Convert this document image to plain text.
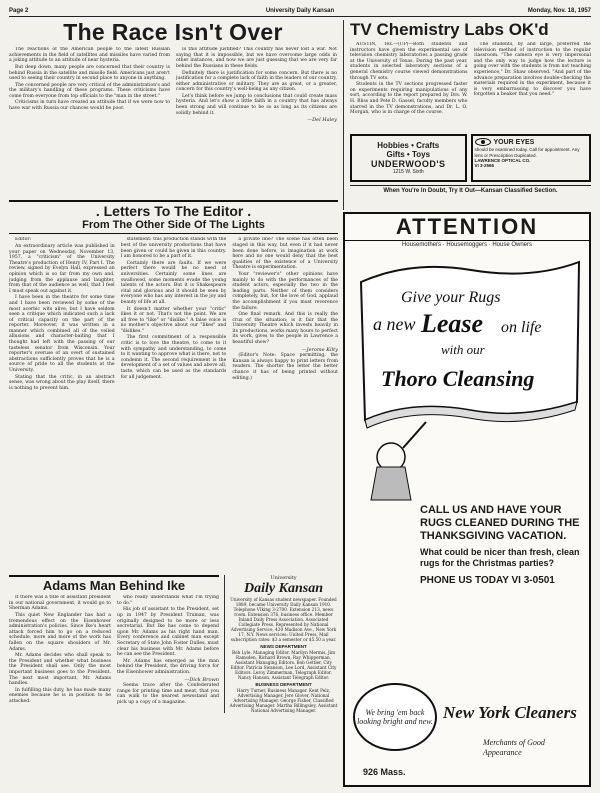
Page 2	University Daily Kansan	Monday, Nov. 18, 1957
The Race Isn't Over

The reactions of the American people to the latest Russian achievements in the field of satellites and missiles have varied from a joking attitude to an attitude of near hysteria.

But deep down, many people are concerned that their country is behind Russia in the satellite and missile field. Americans just aren't used to seeing their country in second place to anyone in anything.

The concerned people are very critical of the administration's and the military's handling of these programs. These criticisms have come from everyone from top officials to the "man in the street."

Criticisms in turn have created an attitude that if we were now to have war with Russia our chances would be poor.

Is this attitude justified? This country has never lost a war. Not saying that it is impossible, but we have overcome large odds in other instances, and now we are just guessing that we are very far behind the Russians in these fields.

Definitely there is justification for some concern. But there is no justification for a complete lack of faith in the leaders of our country, either administrative or military. They are as great, or a greater, concern for this country's well-being as any citizen.

Let's think before we jump to conclusions that could create mass hysteria. And let's show a little faith in a country that has always been strong and will continue to be so as long as its citizens are solidly behind it.

—Del Haley
TV Chemistry Labs OK'd

AUSTIN, Tex.—(UP)—Both students and instructors have given the experimental use of television chemistry laboratories a passing grade at the University of Texas. During the past year, students in selected laboratory sections of a general chemistry course viewed demonstrations through TV sets.

Students in the TV sections progressed faster on experiments requiring manipulations of any sort, according to the report prepared by Drs. W. H. Bliss and Pete D. Gassel, faculty members who starred in the TV demonstrations, and Dr. L. O. Morgan, who is in charge of the course.

The students, by and large, preferred the television method of instruction to the regular classroom. "The camera eye is very impersonal and the only way to judge how the lecture is going over with the students is from not teaching experience," Dr. Shaw observed. "And part of the advance preparation involves double-checking the materials required in the experiment, because it is very embarrassing to discover you have forgotten a beaker that you need."

Hobbies • Crafts
Gifts • Toys
UNDERWOOD'S
1215 W. Sixth
YOUR EYES
should be examined today. Call for appointment. Any lens or Prescription Duplicated.
LAWRENCE OPTICAL CO.
VI 3-2566
When You're In Doubt, Try It Out—Kansan Classified Section.
. Letters To The Editor .
From The Other Side Of The Lights

Editor:

An extraordinary article was published in your paper on Wednesday, November 13, 1957, a "criticism" of the University Theatre's production of Henry IV, Part I. The review, signed by Evelyn Hall, expressed an opinion which is so far from my own and, judging from the applause and laughter, from that of the audience as well, that I feel I must speak out against it.

I have been in the theatre for some time and I have been reviewed by some of the most acerbic wits alive, but I have seldom seen a critique which indicated such a lack of critical capacity on the part of the reporter. Moreover, it was written in a manner which combined all of the veiled allusions and character-baiting that I thought had left with the passing of our tasteless senator from Wisconsin. Your reporter's overuse of an overt of sustained abstractions sufficiently proves that he is a source of pride to all the students at the University.

Stating that the critic, in an abstract sense, was wrong about the play itself, there is nothing to prevent him.

statement: this production stands with the best of the university productions that have been given or could be given in this country. I am honored to be a part of it.

Certainly there are faults. If we were perfect there would be no need of universities. Certainly some lines are swallowed, some moments evade the young talents of the actors. But it is Shakespeare vital and glorious and it should be seen by everyone who has any interest in the joy and beauty of life at all.

It doesn't matter whether your "critic" likes it or not. That's not the point. We are all free to "like" or "dislike." A false voice is no mother's objective about our "likes" and "dislikes."

The first commitment of a responsible critic is to love the theatre, to come to it with sympathy and understanding, to come to it wanting to approve what is there, not to condemn it. The second requirement is the development of a set of values and above all, taste, which can be used as the standards for all judgement.

a private line? The scene has often been staged in this way, but even if it had never been done before, is imagination at work here and no one would deny that the best qualities of the existence of a University Theatre is experimentation.

Your "reviewer's" other opinions have mainly to do with the performances of the student actors, especially the two in the leading parts. Neither of them considers completely, but, for the love of God, applaud the accomplishment if you must reverence the failure.

One final remark. And this is really the crux of the situation; is it fair that the University Theatre which invests heavily in its productions, works many hours to perfect its work, gives to the people in Lawrence a beautiful show?

—Jerome Kilty

(Editor's Note: Space permitting, the Kansan is always happy to print letters from readers. The shorter the letter the better chance it has of being printed without editing.)

Adams Man Behind Ike

If there was a title of assistant president in our national government, it would go to Sherman Adams.

This quiet New Englander has had a tremendous effect on the Eisenhower administration's policies. Since Ike's heart attack forced him to go on a reduced schedule, more and more of the work has fallen on the square shoulders of Mr. Adams.

Mr. Adams decides who shall speak to the President and whether what business the President shall see. Only the most important business goes to the President. The next most important, Mr. Adams handles.

In fulfilling this duty, he has made many enemies because he is in position to be attacked.

who really understands what I'm trying to do."

His job of assistant to the President, set up in 1947 by President Truman, was originally designed to be more or less secretarial. But Ike has come to depend upon Mr. Adams as his right hand man. Every conference and cabinet man except Secretary of State John Foster Dulles, must clear his business with Mr. Adams before he can see the President.

Mr. Adams has emerged as the man behind the President, the driving force for the Eisenhower administration.

—Dick Brown

Seems trace after the Confederated range for printing time and meat, that you can walk to the nearest newsstand and pick up a copy of a magazine.

University
Daily Kansan
University of Kansas student newspaper. Founded 1889, became University Daily Kansan 1910. Telephone VIking 3-2700. Extension 213, news room. Extension 376, business office. Member Inland Daily Press Association. Associated Collegiate Press. Represented by National Advertising Service, 420 Madison Ave., New York 17, N.Y. News services: United Press, Mail subscription rates: $3 a semester or $5.50 a year.
NEWS DEPARTMENT
Bob Lyle, Managing Editor. Marilyn Mermis, Jim Ramsden, Richard Brown, Ray Whipperman, Assistant Managing Editors. Bob Gettler, City Editor. Patricia Swanson, Lee Lord, Assistant City Editors. Leroy Zimmerman, Telegraph Editor. Nancy Hanson, Assistant Telegraph Editor.
BUSINESS DEPARTMENT
Harry Turner, Business Manager. Kent Pelz, Advertising Manager. Jere Glover, National Advertising Manager. George Fisher, Classified Advertising Manager. Martha Billingsley, Assistant National Advertising Manager.
ATTENTION
Housemothers · Housemoggers · House Owners
Give your Rugs
a new Lease on life
with our
Thoro Cleansing
CALL US AND HAVE YOUR RUGS CLEANED DURING THE THANKSGIVING VACATION.
What could be nicer than fresh, clean rugs for the Christmas parties?
PHONE US TODAY VI 3-0501
We bring 'em back looking bright and new. New York Cleaners
Merchants of Good Appearance
926 Mass.
